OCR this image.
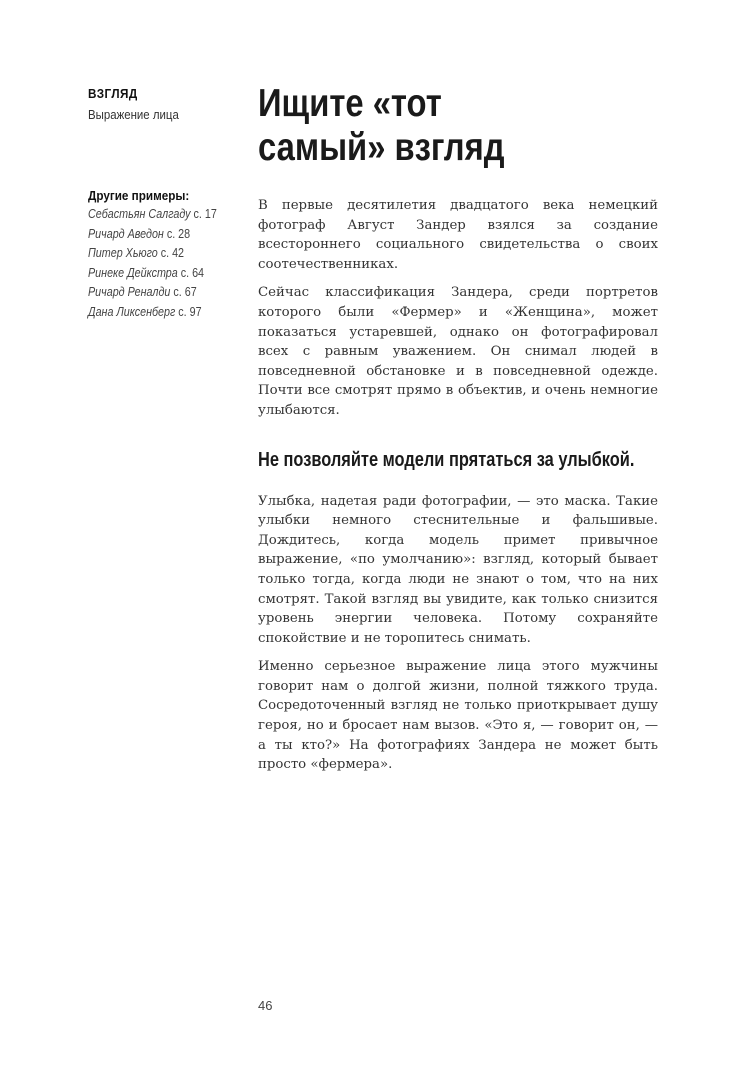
ВЗГЛЯД
Выражение лица
Другие примеры:
Себастьян Салгаду с. 17
Ричард Аведон с. 28
Питер Хьюго с. 42
Ринеке Дейкстра с. 64
Ричард Реналди с. 67
Дана Ликсенберг с. 97
Ищите «тот
самый» взгляд

В первые десятилетия двадцатого века немецкий фотограф Август Зандер взялся за создание всестороннего социального свидетельства о своих соотечественниках.

Сейчас классификация Зандера, среди портретов которого были «Фермер» и «Женщина», может показаться устаревшей, однако он фотографировал всех с равным уважением. Он снимал людей в повседневной обстановке и в повседневной одежде. Почти все смотрят прямо в объектив, и очень немногие улыбаются.

Не позволяйте модели прятаться за улыбкой.

Улыбка, надетая ради фотографии, — это маска. Такие улыбки немного стеснительные и фальшивые. Дождитесь, когда модель примет привычное выражение, «по умолчанию»: взгляд, который бывает только тогда, когда люди не знают о том, что на них смотрят. Такой взгляд вы увидите, как только снизится уровень энергии человека. Потому сохраняйте спокойствие и не торопитесь снимать.

Именно серьезное выражение лица этого мужчины говорит нам о долгой жизни, полной тяжкого труда. Сосредоточенный взгляд не только приоткрывает душу героя, но и бросает нам вызов. «Это я, — говорит он, — а ты кто?» На фотографиях Зандера не может быть просто «фермера».

46
